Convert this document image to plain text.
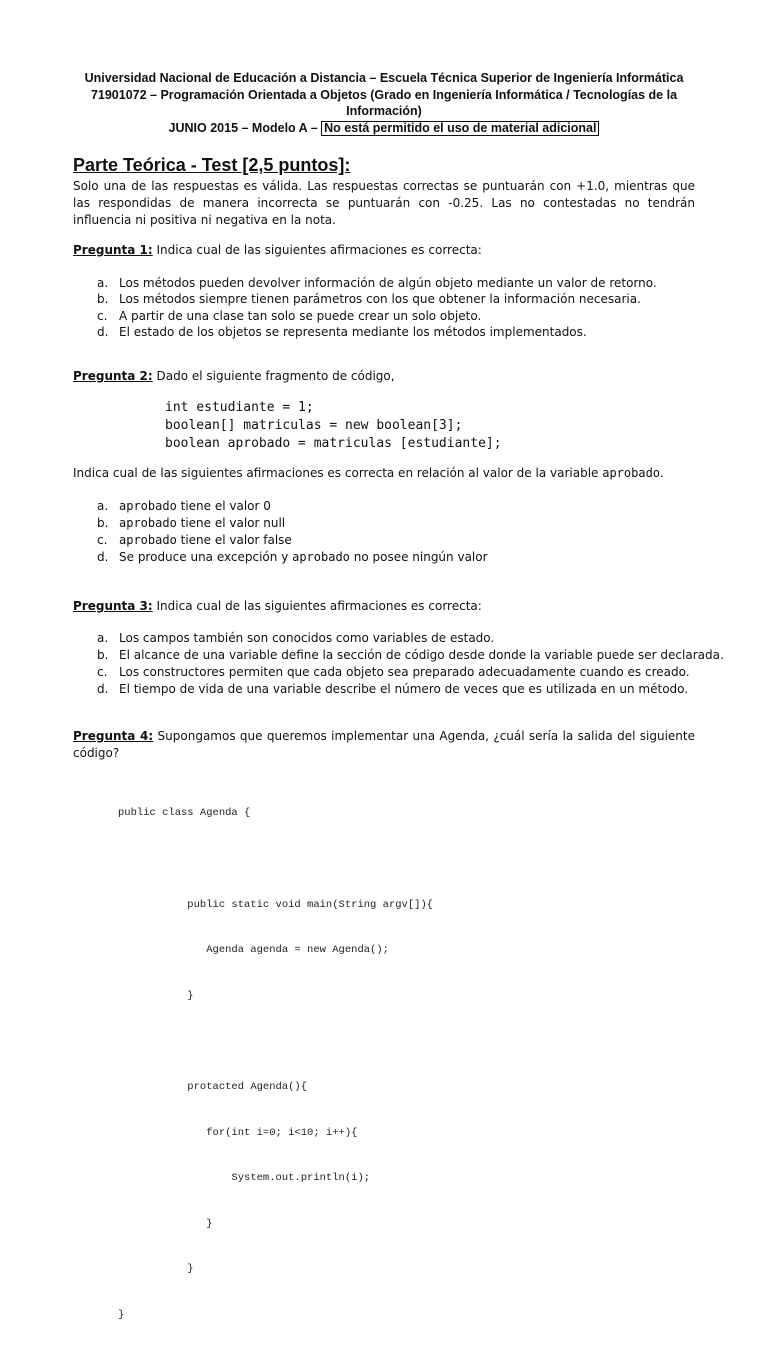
Universidad Nacional de Educación a Distancia – Escuela Técnica Superior de Ingeniería Informática
71901072 – Programación Orientada a Objetos (Grado en Ingeniería Informática / Tecnologías de la
Información)
JUNIO 2015 – Modelo A – No está permitido el uso de material adicional
Parte Teórica - Test [2,5 puntos]:
Solo una de las respuestas es válida. Las respuestas correctas se puntuarán con +1.0, mientras que las respondidas de manera incorrecta se puntuarán con -0.25. Las no contestadas no tendrán influencia ni positiva ni negativa en la nota.
Pregunta 1: Indica cual de las siguientes afirmaciones es correcta:
a. Los métodos pueden devolver información de algún objeto mediante un valor de retorno.
b. Los métodos siempre tienen parámetros con los que obtener la información necesaria.
c. A partir de una clase tan solo se puede crear un solo objeto.
d. El estado de los objetos se representa mediante los métodos implementados.
Pregunta 2: Dado el siguiente fragmento de código,
int estudiante = 1;
boolean[] matriculas = new boolean[3];
boolean aprobado = matriculas [estudiante];
Indica cual de las siguientes afirmaciones es correcta en relación al valor de la variable aprobado.
a. aprobado tiene el valor 0
b. aprobado tiene el valor null
c. aprobado tiene el valor false
d. Se produce una excepción y aprobado no posee ningún valor
Pregunta 3: Indica cual de las siguientes afirmaciones es correcta:
a. Los campos también son conocidos como variables de estado.
b. El alcance de una variable define la sección de código desde donde la variable puede ser declarada.
c. Los constructores permiten que cada objeto sea preparado adecuadamente cuando es creado.
d. El tiempo de vida de una variable describe el número de veces que es utilizada en un método.
Pregunta 4: Supongamos que queremos implementar una Agenda, ¿cuál sería la salida del siguiente código?

public class Agenda {

public static void main(String argv[]){

Agenda agenda = new Agenda();

}

protacted Agenda(){

for(int i=0; i<10; i++){

System.out.println(i);

}

}

}
